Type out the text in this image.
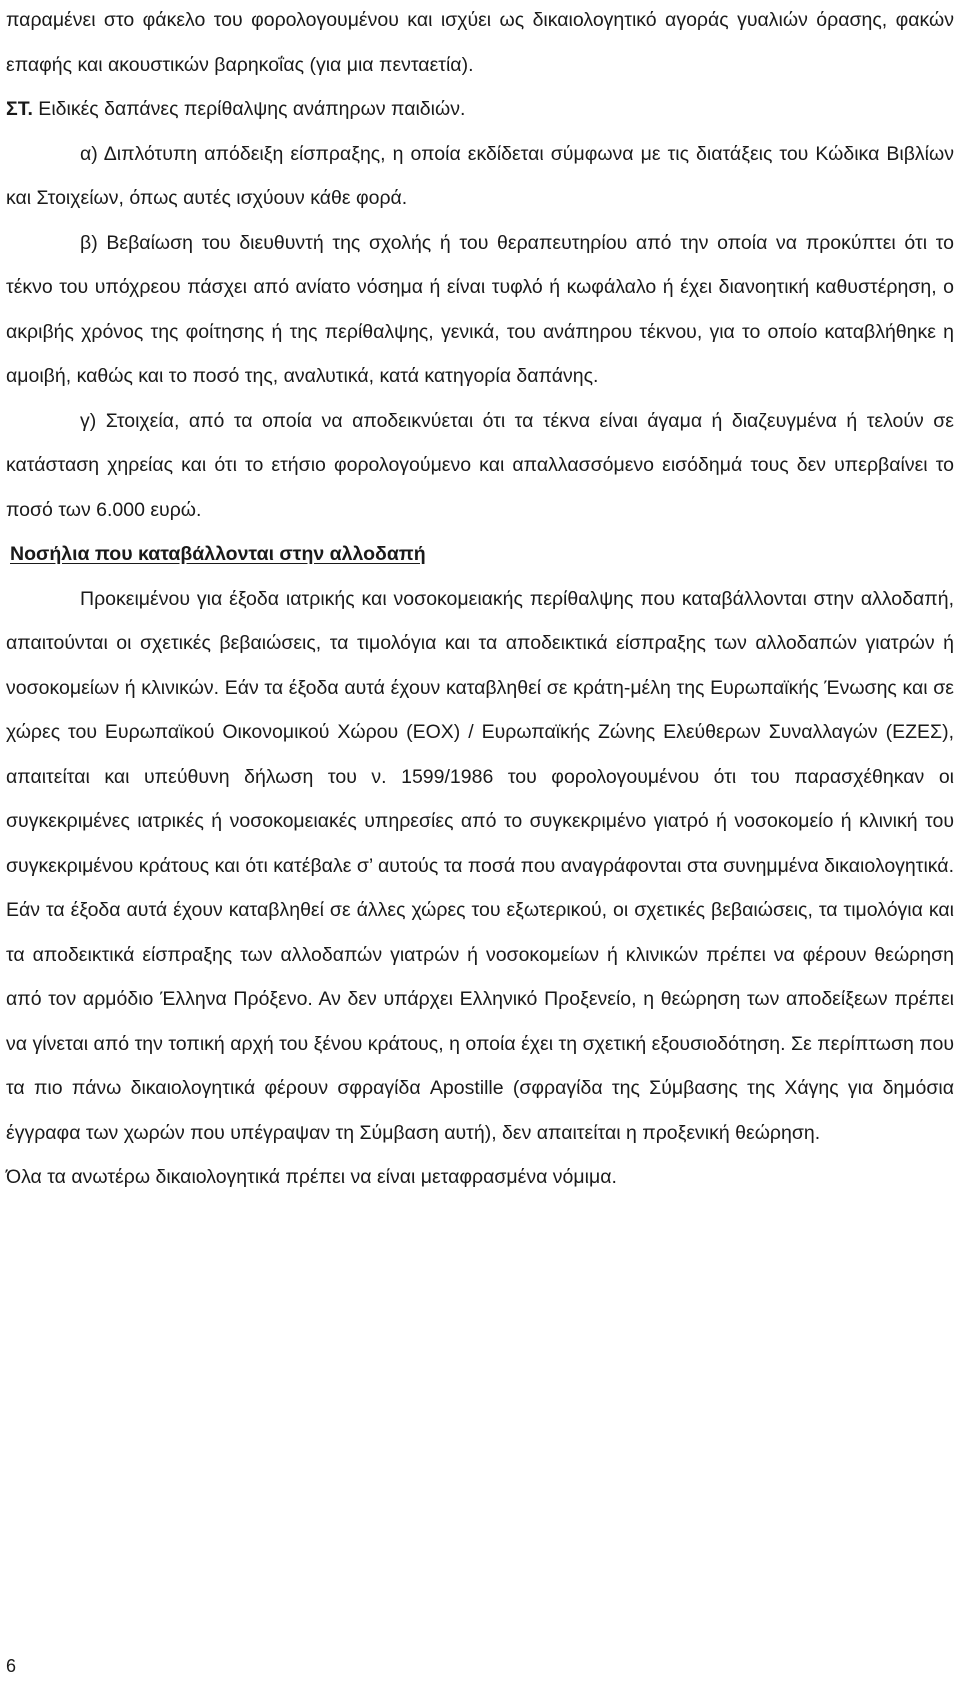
παραμένει στο φάκελο του φορολογουμένου και ισχύει ως δικαιολογητικό αγοράς γυαλιών όρασης, φακών επαφής και ακουστικών βαρηκοΐας (για μια πενταετία).

ΣΤ. Ειδικές δαπάνες περίθαλψης ανάπηρων παιδιών.

α) Διπλότυπη απόδειξη είσπραξης, η οποία εκδίδεται σύμφωνα με τις διατάξεις του Κώδικα Βιβλίων και Στοιχείων, όπως αυτές ισχύουν κάθε φορά.

β) Βεβαίωση του διευθυντή της σχολής ή του θεραπευτηρίου από την οποία να προκύπτει ότι το τέκνο του υπόχρεου πάσχει από ανίατο νόσημα ή είναι τυφλό ή κωφάλαλο ή έχει διανοητική καθυστέρηση, ο ακριβής χρόνος της φοίτησης ή της περίθαλψης, γενικά, του ανάπηρου τέκνου, για το οποίο καταβλήθηκε η αμοιβή, καθώς και το ποσό της, αναλυτικά, κατά κατηγορία δαπάνης.

γ) Στοιχεία, από τα οποία να αποδεικνύεται ότι τα τέκνα είναι άγαμα ή διαζευγμένα ή τελούν σε κατάσταση χηρείας και ότι το ετήσιο φορολογούμενο και απαλλασσόμενο εισόδημά τους δεν υπερβαίνει το ποσό των 6.000 ευρώ.

Νοσήλια που καταβάλλονται στην αλλοδαπή

Προκειμένου για έξοδα ιατρικής και νοσοκομειακής περίθαλψης που καταβάλλονται στην αλλοδαπή, απαιτούνται οι σχετικές βεβαιώσεις, τα τιμολόγια και τα αποδεικτικά είσπραξης των αλλοδαπών γιατρών ή νοσοκομείων ή κλινικών. Εάν τα έξοδα αυτά έχουν καταβληθεί σε κράτη-μέλη της Ευρωπαϊκής Ένωσης και σε χώρες του Ευρωπαϊκού Οικονομικού Χώρου (ΕΟΧ) / Ευρωπαϊκής Ζώνης Ελεύθερων Συναλλαγών (ΕΖΕΣ), απαιτείται και υπεύθυνη δήλωση του ν. 1599/1986 του φορολογουμένου ότι του παρασχέθηκαν οι συγκεκριμένες ιατρικές ή νοσοκομειακές υπηρεσίες από το συγκεκριμένο γιατρό ή νοσοκομείο ή κλινική του συγκεκριμένου κράτους και ότι κατέβαλε σ’ αυτούς τα ποσά που αναγράφονται στα συνημμένα δικαιολογητικά. Εάν τα έξοδα αυτά έχουν καταβληθεί σε άλλες χώρες του εξωτερικού, οι σχετικές βεβαιώσεις, τα τιμολόγια και τα αποδεικτικά είσπραξης των αλλοδαπών γιατρών ή νοσοκομείων ή κλινικών πρέπει να φέρουν θεώρηση από τον αρμόδιο Έλληνα Πρόξενο. Αν δεν υπάρχει Ελληνικό Προξενείο, η θεώρηση των αποδείξεων πρέπει να γίνεται από την τοπική αρχή του ξένου κράτους, η οποία έχει τη σχετική εξουσιοδότηση. Σε περίπτωση που τα πιο πάνω δικαιολογητικά φέρουν σφραγίδα Apostille (σφραγίδα της Σύμβασης της Χάγης για δημόσια έγγραφα των χωρών που υπέγραψαν τη Σύμβαση αυτή), δεν απαιτείται η προξενική θεώρηση.

Όλα τα ανωτέρω δικαιολογητικά πρέπει να είναι μεταφρασμένα νόμιμα.

6
